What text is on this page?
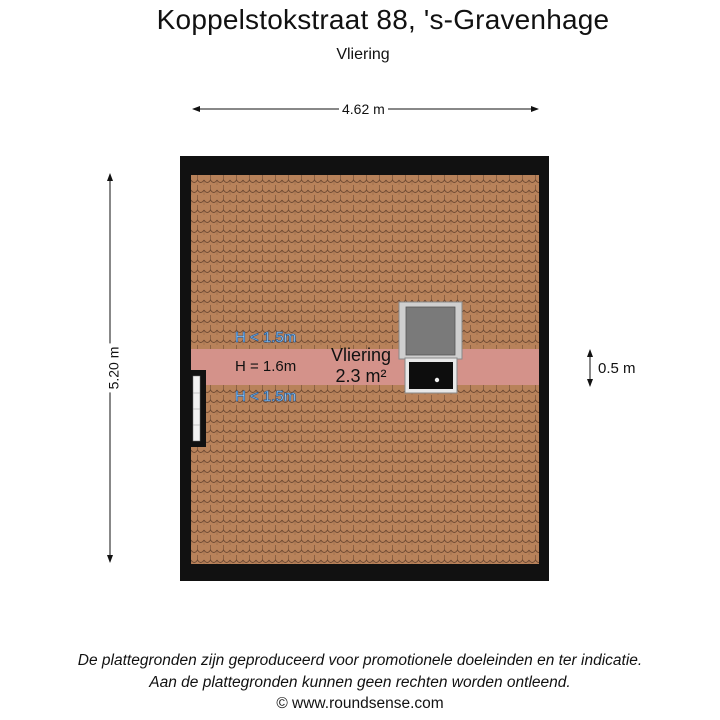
Koppelstokstraat 88, 's-Gravenhage
Vliering
4.62 m
5.20 m	0.5 m
H < 1.5m
H = 1.6m
H < 1.5m
Vliering
2.3 m²
De plattegronden zijn geproduceerd voor promotionele doeleinden en ter indicatie.
Aan de plattegronden kunnen geen rechten worden ontleend.
© www.roundsense.com
